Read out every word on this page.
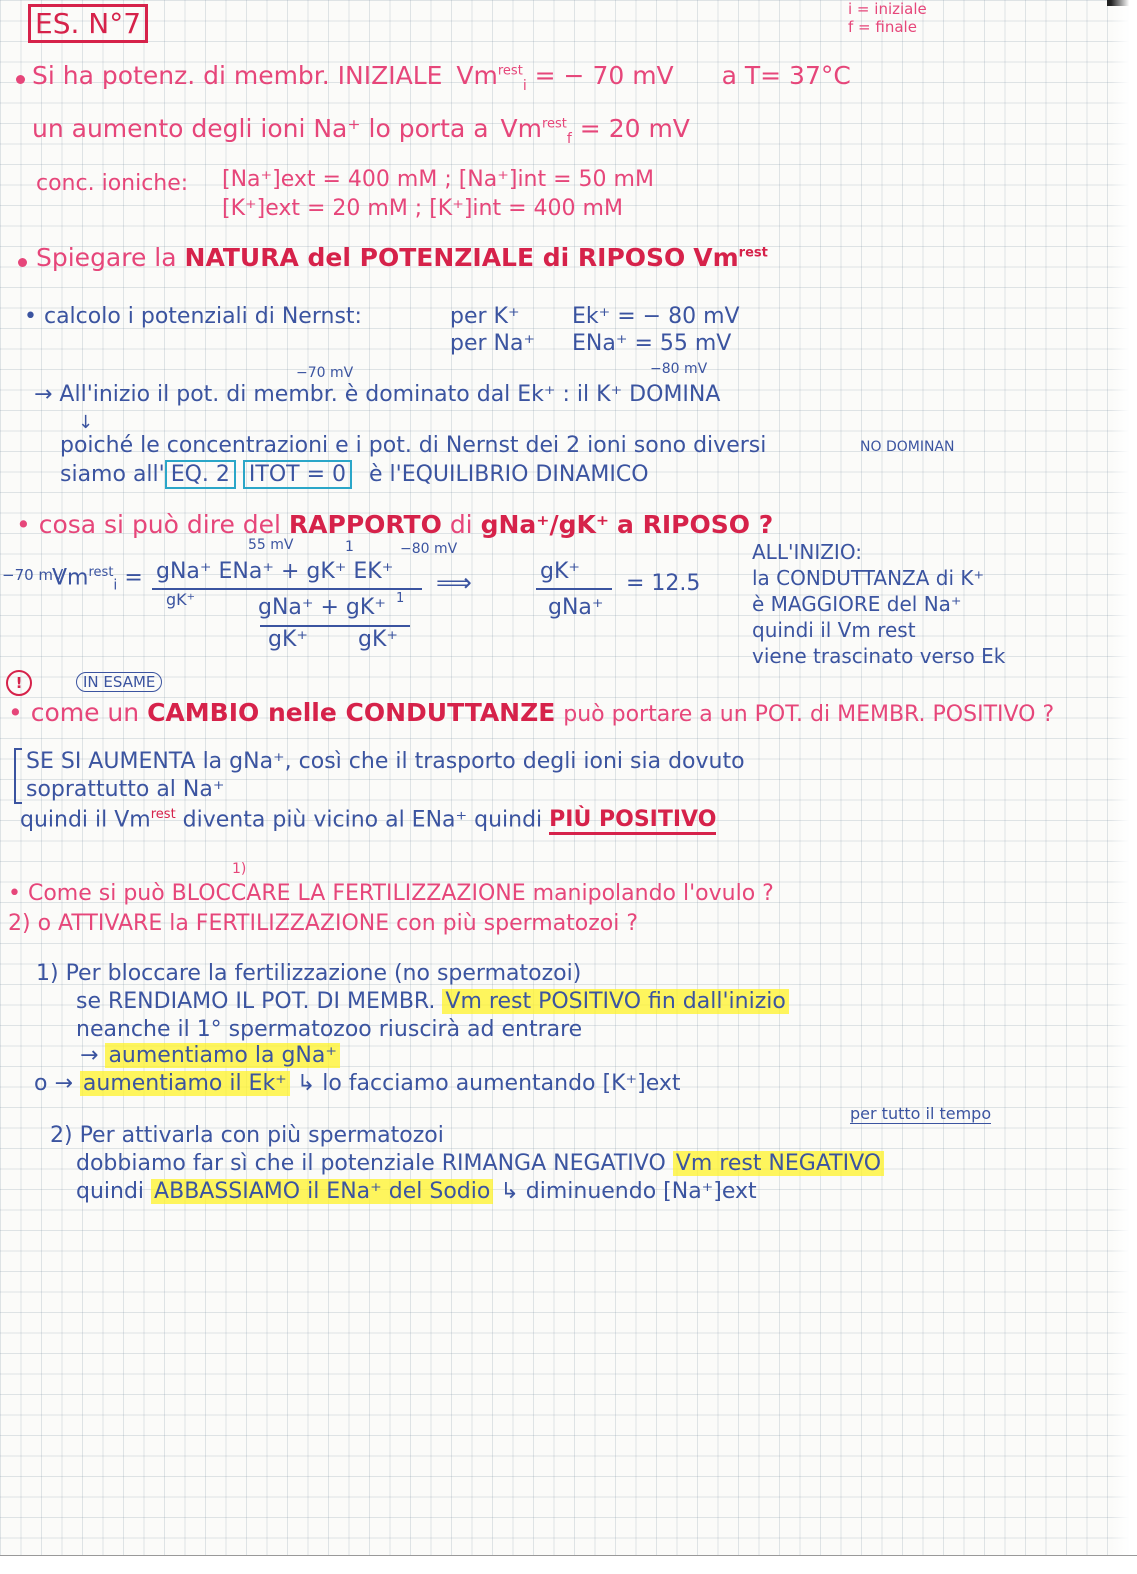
ES. N°7	i = iniziale
f = finale
Si ha potenz. di membr. INIZIALE $Vm^{rest}_i$ = − 70 mV a T= 37°C
un aumento degli ioni Na⁺ lo porta a $Vm^{rest}_f = 20$ mV
conc. ioniche: [Na⁺]ext = 400 mM ; [Na⁺]int = 50 mM
[K⁺]ext = 20 mM ; [K⁺]int = 400 mM
Spiegare la NATURA del POTENZIALE di RIPOSO $Vm^{rest}$
• calcolo i potenziali di Nernst:	per K⁺ Ek⁺ = − 80 mV
per Na⁺ ENa⁺ = 55 mV
−70 mV	−80 mV
→ All'inizio il pot. di membr. è dominato dal Ek⁺ : il K⁺ DOMINA
↓
poiché le concentrazioni e i pot. di Nernst dei 2 ioni sono diversi	NO DOMINAN
siamo all' EQ. 2 ITOT = 0 è l'EQUILIBRIO DINAMICO
• cosa si può dire del RAPPORTO di gNa⁺/gK⁺ a RIPOSO ?
−70 mV
$Vm^{rest}_i$ =
55 mV	1	−80 mV
gNa⁺ ENa⁺ + gK⁺ EK⁺
gK⁺	gNa⁺ + gK⁺ 1
gK⁺ gK⁺
⟹	gK⁺
gNa⁺
= 12.5
ALL'INIZIO:
la CONDUTTANZA di K⁺
è MAGGIORE del Na⁺
quindi il Vm rest
viene trascinato verso Ek
!	IN ESAME
• come un CAMBIO nelle CONDUTTANZE può portare a un POT. di MEMBR. POSITIVO ?
SE SI AUMENTA la gNa⁺, così che il trasporto degli ioni sia dovuto
soprattutto al Na⁺
quindi il $Vm^{rest}$ diventa più vicino al ENa⁺ quindi PIÙ POSITIVO
1)
• Come si può BLOCCARE LA FERTILIZZAZIONE manipolando l'ovulo ?
2) o ATTIVARE la FERTILIZZAZIONE con più spermatozoi ?
1) Per bloccare la fertilizzazione (no spermatozoi)
se RENDIAMO IL POT. DI MEMBR. Vm rest POSITIVO fin dall'inizio
neanche il 1° spermatozoo riuscirà ad entrare
→ aumentiamo la gNa⁺
o → aumentiamo il Ek⁺ ↳ lo facciamo aumentando [K⁺]ext
per tutto il tempo
2) Per attivarla con più spermatozoi
dobbiamo far sì che il potenziale RIMANGA NEGATIVO Vm rest NEGATIVO
quindi ABBASSIAMO il ENa⁺ del Sodio ↳ diminuendo [Na⁺]ext
